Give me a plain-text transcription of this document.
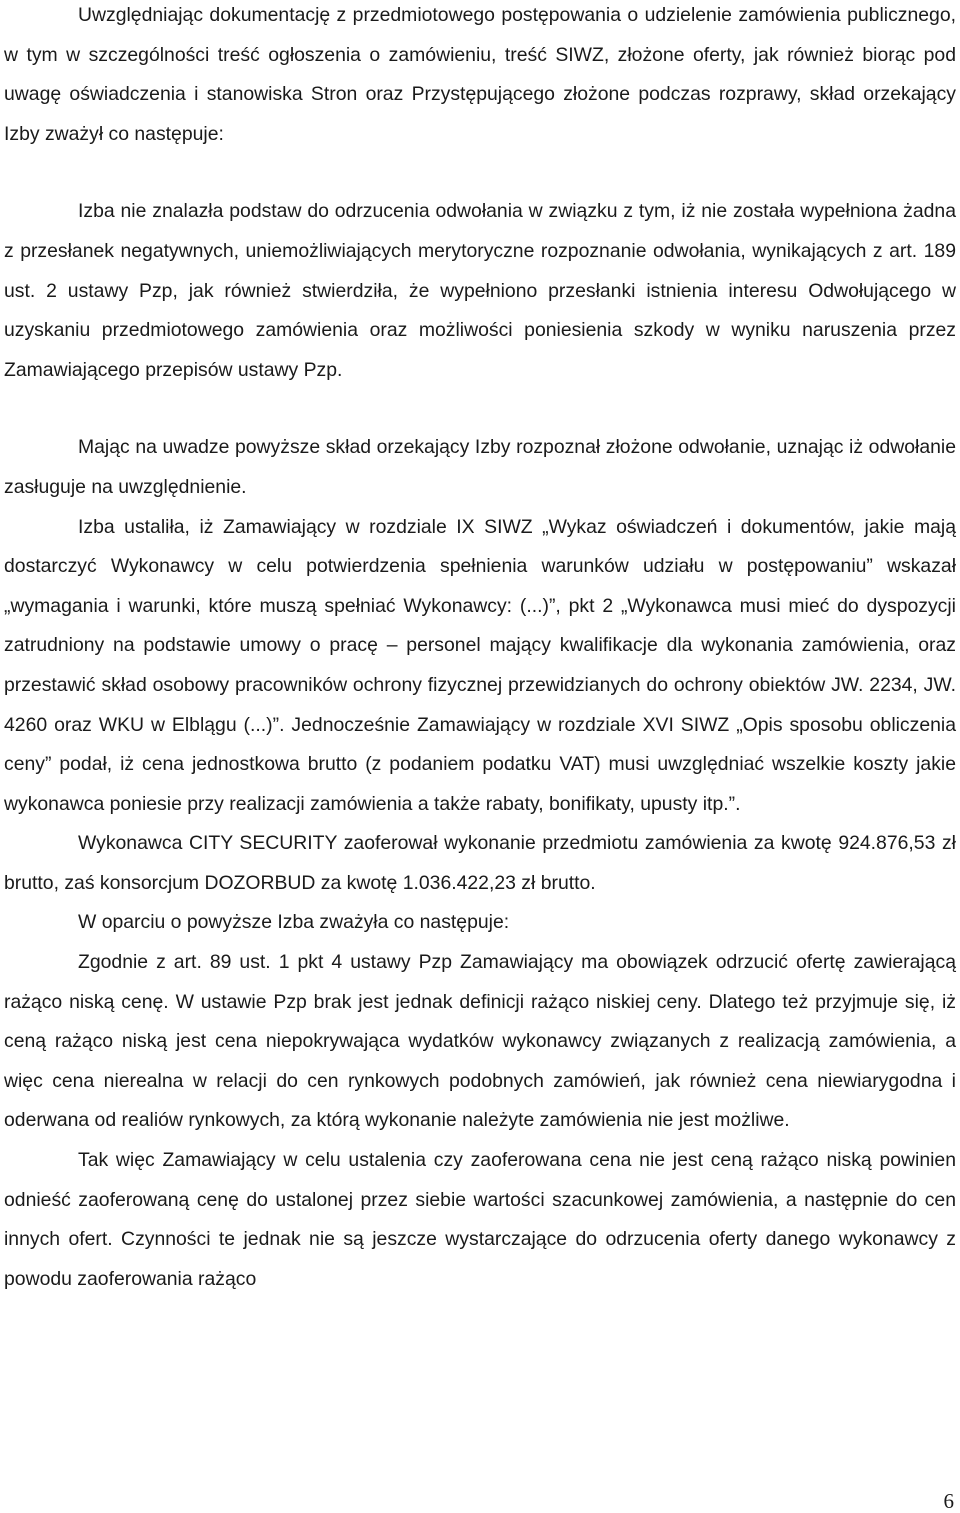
Uwzględniając dokumentację z przedmiotowego postępowania o udzielenie zamówienia publicznego, w tym w szczególności treść ogłoszenia o zamówieniu, treść SIWZ, złożone oferty, jak również biorąc pod uwagę oświadczenia i stanowiska Stron oraz Przystępującego złożone podczas rozprawy, skład orzekający Izby zważył co następuje:

Izba nie znalazła podstaw do odrzucenia odwołania w związku z tym, iż nie została wypełniona żadna z przesłanek negatywnych, uniemożliwiających merytoryczne rozpoznanie odwołania, wynikających z art. 189 ust. 2 ustawy Pzp, jak również stwierdziła, że wypełniono przesłanki istnienia interesu Odwołującego w uzyskaniu przedmiotowego zamówienia oraz możliwości poniesienia szkody w wyniku naruszenia przez Zamawiającego przepisów ustawy Pzp.

Mając na uwadze powyższe skład orzekający Izby rozpoznał złożone odwołanie, uznając iż odwołanie zasługuje na uwzględnienie.

Izba ustaliła, iż Zamawiający w rozdziale IX SIWZ „Wykaz oświadczeń i dokumentów, jakie mają dostarczyć Wykonawcy w celu potwierdzenia spełnienia warunków udziału w postępowaniu” wskazał „wymagania i warunki, które muszą spełniać Wykonawcy: (...)”, pkt 2 „Wykonawca musi mieć do dyspozycji zatrudniony na podstawie umowy o pracę – personel mający kwalifikacje dla wykonania zamówienia, oraz przestawić skład osobowy pracowników ochrony fizycznej przewidzianych do ochrony obiektów JW. 2234, JW. 4260 oraz WKU w Elblągu (...)”. Jednocześnie Zamawiający w rozdziale XVI SIWZ „Opis sposobu obliczenia ceny” podał, iż cena jednostkowa brutto (z podaniem podatku VAT) musi uwzględniać wszelkie koszty jakie wykonawca poniesie przy realizacji zamówienia a także rabaty, bonifikaty, upusty itp.”.

Wykonawca CITY SECURITY zaoferował wykonanie przedmiotu zamówienia za kwotę 924.876,53 zł brutto, zaś konsorcjum DOZORBUD za kwotę 1.036.422,23 zł brutto.

W oparciu o powyższe Izba zważyła co następuje:

Zgodnie z art. 89 ust. 1 pkt 4 ustawy Pzp Zamawiający ma obowiązek odrzucić ofertę zawierającą rażąco niską cenę. W ustawie Pzp brak jest jednak definicji rażąco niskiej ceny. Dlatego też przyjmuje się, iż ceną rażąco niską jest cena niepokrywająca wydatków wykonawcy związanych z realizacją zamówienia, a więc cena nierealna w relacji do cen rynkowych podobnych zamówień, jak również cena niewiarygodna i oderwana od realiów rynkowych, za którą wykonanie należyte zamówienia nie jest możliwe.

Tak więc Zamawiający w celu ustalenia czy zaoferowana cena nie jest ceną rażąco niską powinien odnieść zaoferowaną cenę do ustalonej przez siebie wartości szacunkowej zamówienia, a następnie do cen innych ofert. Czynności te jednak nie są jeszcze wystarczające do odrzucenia oferty danego wykonawcy z powodu zaoferowania rażąco

6
